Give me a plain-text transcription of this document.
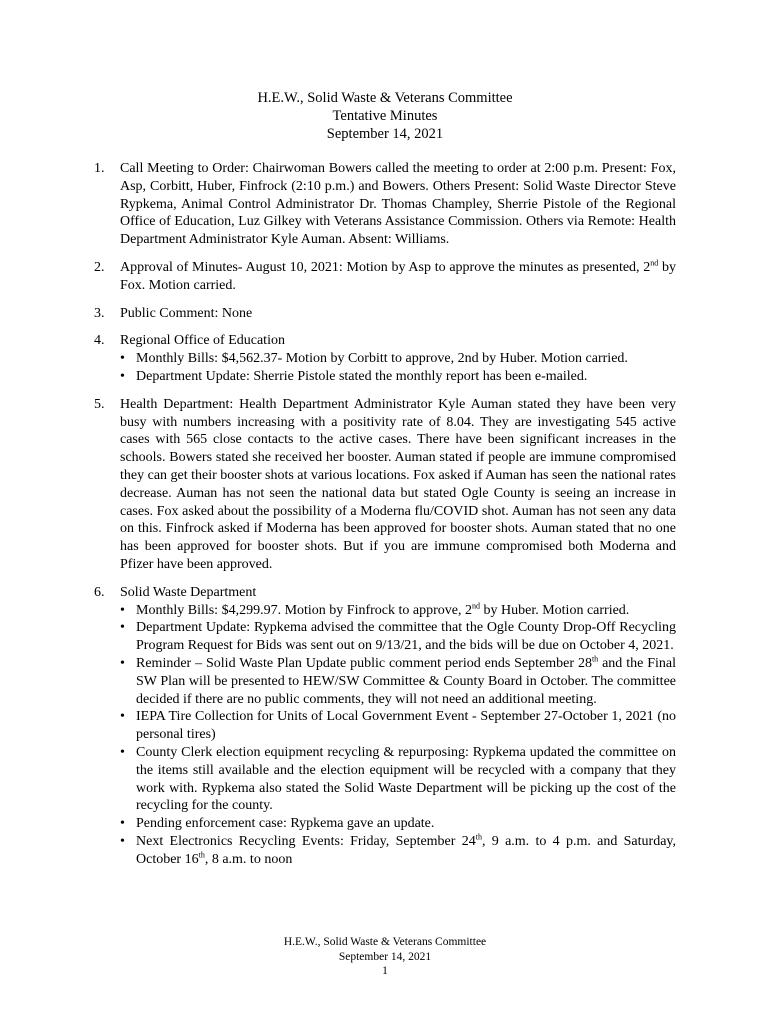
H.E.W., Solid Waste & Veterans Committee
Tentative Minutes
September 14, 2021
1.	Call Meeting to Order: Chairwoman Bowers called the meeting to order at 2:00 p.m. Present: Fox, Asp, Corbitt, Huber, Finfrock (2:10 p.m.) and Bowers. Others Present: Solid Waste Director Steve Rypkema, Animal Control Administrator Dr. Thomas Champley, Sherrie Pistole of the Regional Office of Education, Luz Gilkey with Veterans Assistance Commission. Others via Remote: Health Department Administrator Kyle Auman. Absent: Williams.
2.	Approval of Minutes- August 10, 2021: Motion by Asp to approve the minutes as presented, 2nd by Fox. Motion carried.
3.	Public Comment: None
4.	Regional Office of Education
• Monthly Bills: $4,562.37- Motion by Corbitt to approve, 2nd by Huber. Motion carried.
• Department Update: Sherrie Pistole stated the monthly report has been e-mailed.
5.	Health Department: Health Department Administrator Kyle Auman stated they have been very busy with numbers increasing with a positivity rate of 8.04. They are investigating 545 active cases with 565 close contacts to the active cases. There have been significant increases in the schools. Bowers stated she received her booster. Auman stated if people are immune compromised they can get their booster shots at various locations. Fox asked if Auman has seen the national rates decrease. Auman has not seen the national data but stated Ogle County is seeing an increase in cases. Fox asked about the possibility of a Moderna flu/COVID shot. Auman has not seen any data on this. Finfrock asked if Moderna has been approved for booster shots. Auman stated that no one has been approved for booster shots. But if you are immune compromised both Moderna and Pfizer have been approved.
6.	Solid Waste Department
• Monthly Bills: $4,299.97. Motion by Finfrock to approve, 2nd by Huber. Motion carried.
• Department Update: Rypkema advised the committee that the Ogle County Drop-Off Recycling Program Request for Bids was sent out on 9/13/21, and the bids will be due on October 4, 2021.
• Reminder – Solid Waste Plan Update public comment period ends September 28th and the Final SW Plan will be presented to HEW/SW Committee & County Board in October. The committee decided if there are no public comments, they will not need an additional meeting.
• IEPA Tire Collection for Units of Local Government Event - September 27-October 1, 2021 (no personal tires)
• County Clerk election equipment recycling & repurposing: Rypkema updated the committee on the items still available and the election equipment will be recycled with a company that they work with. Rypkema also stated the Solid Waste Department will be picking up the cost of the recycling for the county.
• Pending enforcement case: Rypkema gave an update.
• Next Electronics Recycling Events: Friday, September 24th, 9 a.m. to 4 p.m. and Saturday, October 16th, 8 a.m. to noon
H.E.W., Solid Waste & Veterans Committee
September 14, 2021
1
